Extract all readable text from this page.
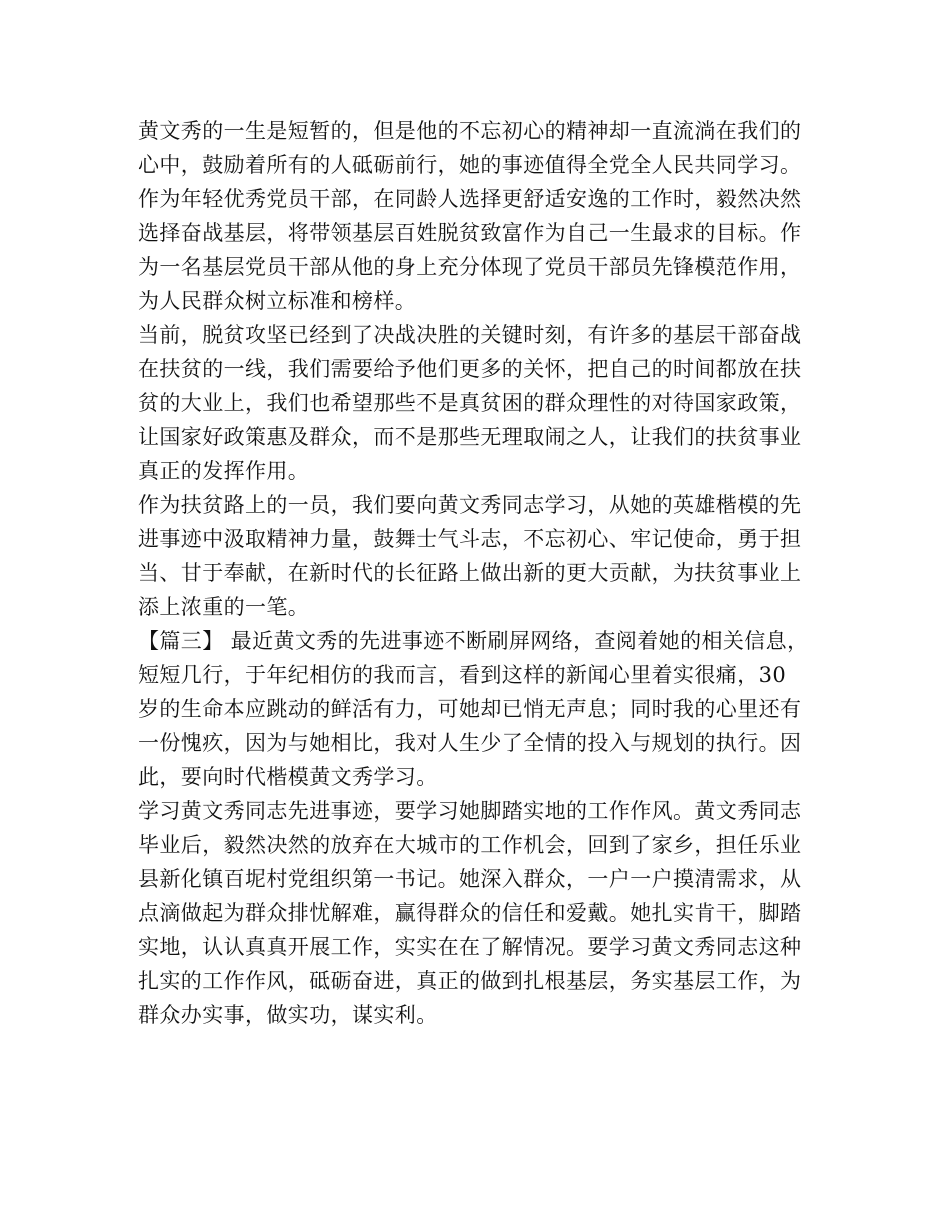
黄文秀的一生是短暂的，但是他的不忘初心的精神却一直流淌在我们的
心中，鼓励着所有的人砥砺前行，她的事迹值得全党全人民共同学习。
作为年轻优秀党员干部，在同龄人选择更舒适安逸的工作时，毅然决然
选择奋战基层，将带领基层百姓脱贫致富作为自己一生最求的目标。作
为一名基层党员干部从他的身上充分体现了党员干部员先锋模范作用，
为人民群众树立标准和榜样。
当前，脱贫攻坚已经到了决战决胜的关键时刻，有许多的基层干部奋战
在扶贫的一线，我们需要给予他们更多的关怀，把自己的时间都放在扶
贫的大业上，我们也希望那些不是真贫困的群众理性的对待国家政策，
让国家好政策惠及群众，而不是那些无理取闹之人，让我们的扶贫事业
真正的发挥作用。
作为扶贫路上的一员，我们要向黄文秀同志学习，从她的英雄楷模的先
进事迹中汲取精神力量，鼓舞士气斗志，不忘初心、牢记使命，勇于担
当、甘于奉献，在新时代的长征路上做出新的更大贡献，为扶贫事业上
添上浓重的一笔。
【篇三】 最近黄文秀的先进事迹不断刷屏网络，查阅着她的相关信息，
短短几行，于年纪相仿的我而言，看到这样的新闻心里着实很痛，30
岁的生命本应跳动的鲜活有力，可她却已悄无声息；同时我的心里还有
一份愧疚，因为与她相比，我对人生少了全情的投入与规划的执行。因
此，要向时代楷模黄文秀学习。
学习黄文秀同志先进事迹，要学习她脚踏实地的工作作风。黄文秀同志
毕业后，毅然决然的放弃在大城市的工作机会，回到了家乡，担任乐业
县新化镇百坭村党组织第一书记。她深入群众，一户一户摸清需求，从
点滴做起为群众排忧解难，赢得群众的信任和爱戴。她扎实肯干，脚踏
实地，认认真真开展工作，实实在在了解情况。要学习黄文秀同志这种
扎实的工作作风，砥砺奋进，真正的做到扎根基层，务实基层工作，为
群众办实事，做实功，谋实利。
